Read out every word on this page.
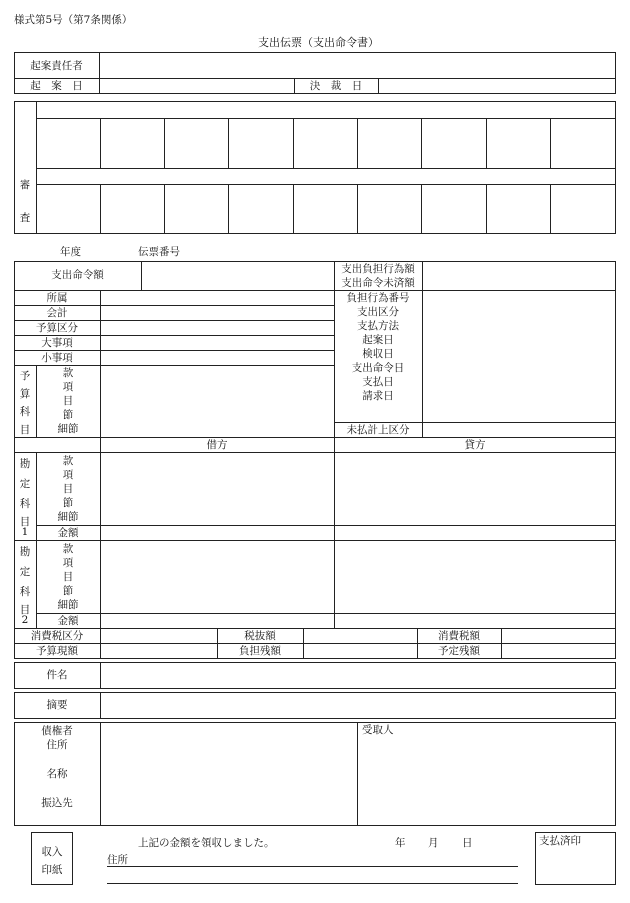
様式第5号（第7条関係）
支出伝票（支出命令書）
起案責任者
起　案　日	決　裁　日
審
査
年度	伝票番号
支出命令額	支出負担行為額
支出命令未済額
所属
会計
予算区分
大事項
小事項
予
算
科
目
款
項
目
節
細節
負担行為番号
支出区分
支払方法
起案日
検収日
支出命令日
支払日
請求日
未払計上区分
借方	貸方
勘
定
科
目
1
款
項
目
節
細節
金額
勘
定
科
目
2
款
項
目
節
細節
金額
消費税区分	税抜額	消費税額
予算現額	負担残額	予定残額
件名
摘要
債権者
住所
名称
振込先
受取人
収入
印紙
上記の金額を領収しました。	年 月 日
住所
支払済印
